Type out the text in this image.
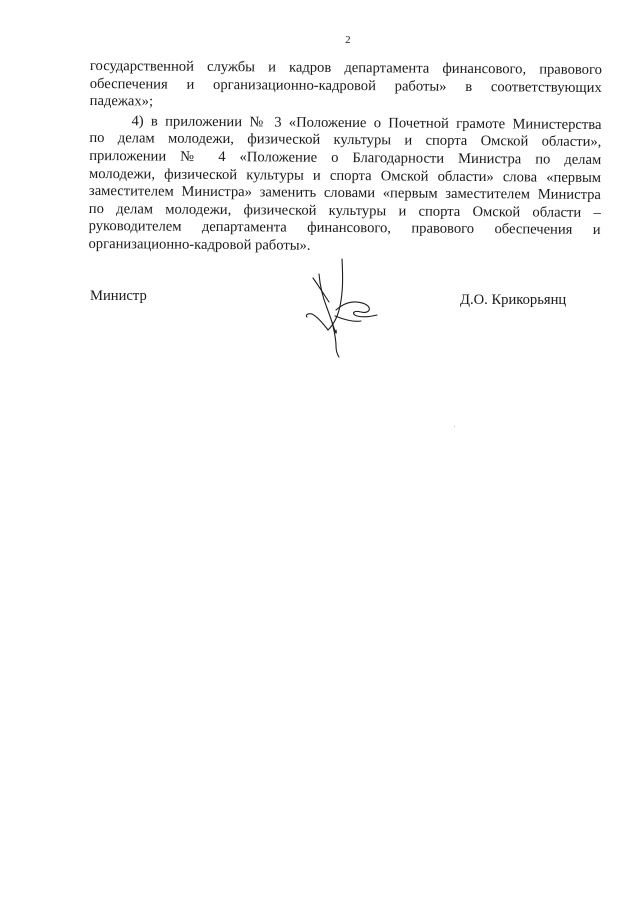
2
государственной службы и кадров департамента финансового, правового
обеспечения и организационно-кадровой работы» в соответствующих
падежах»;
4) в приложении № 3 «Положение о Почетной грамоте Министерства
по делам молодежи, физической культуры и спорта Омской области»,
приложении № 4 «Положение о Благодарности Министра по делам
молодежи, физической культуры и спорта Омской области» слова «первым
заместителем Министра» заменить словами «первым заместителем Министра
по делам молодежи, физической культуры и спорта Омской области –
руководителем департамента финансового, правового обеспечения и
организационно-кадровой работы».
Министр	Д.О. Крикорьянц
